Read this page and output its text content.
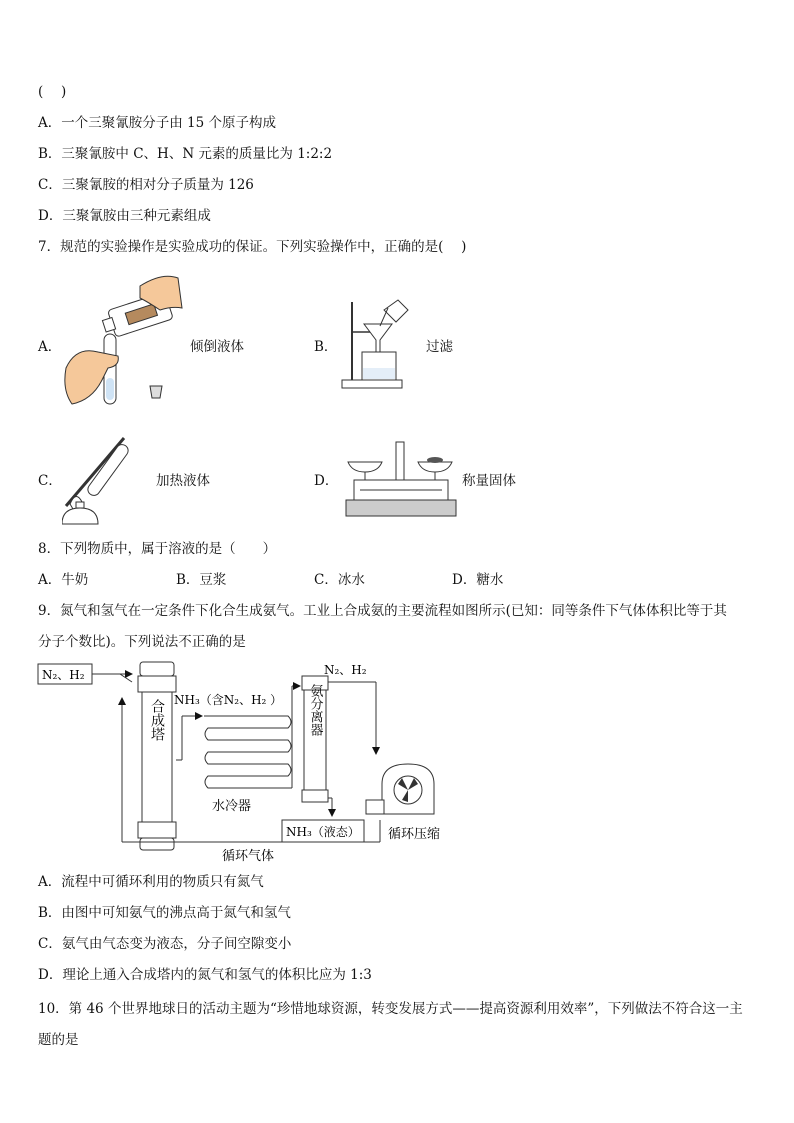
(　 )
A．一个三聚氰胺分子由 15 个原子构成
B．三聚氰胺中 C、H、N 元素的质量比为 1:2:2
C．三聚氰胺的相对分子质量为 126
D．三聚氰胺由三种元素组成
7．规范的实验操作是实验成功的保证。下列实验操作中，正确的是(　 )
A．	倾倒液体	B．	过滤
C．	加热液体	D．	称量固体
8．下列物质中，属于溶液的是（　　）
A．牛奶	B．豆浆	C．冰水	D．糖水
9．氮气和氢气在一定条件下化合生成氨气。工业上合成氨的主要流程如图所示(已知：同等条件下气体体积比等于其
分子个数比)。下列说法不正确的是
N₂、H₂
合成塔 NH₃（含N₂、H₂ ）
水冷器
氨分离器
N₂、H₂
NH₃（液态） 循环压缩
循环气体
A．流程中可循环利用的物质只有氮气
B．由图中可知氨气的沸点高于氮气和氢气
C．氨气由气态变为液态，分子间空隙变小
D．理论上通入合成塔内的氮气和氢气的体积比应为 1:3
10．第 46 个世界地球日的活动主题为“珍惜地球资源，转变发展方式——提高资源利用效率”，下列做法不符合这一主
题的是
